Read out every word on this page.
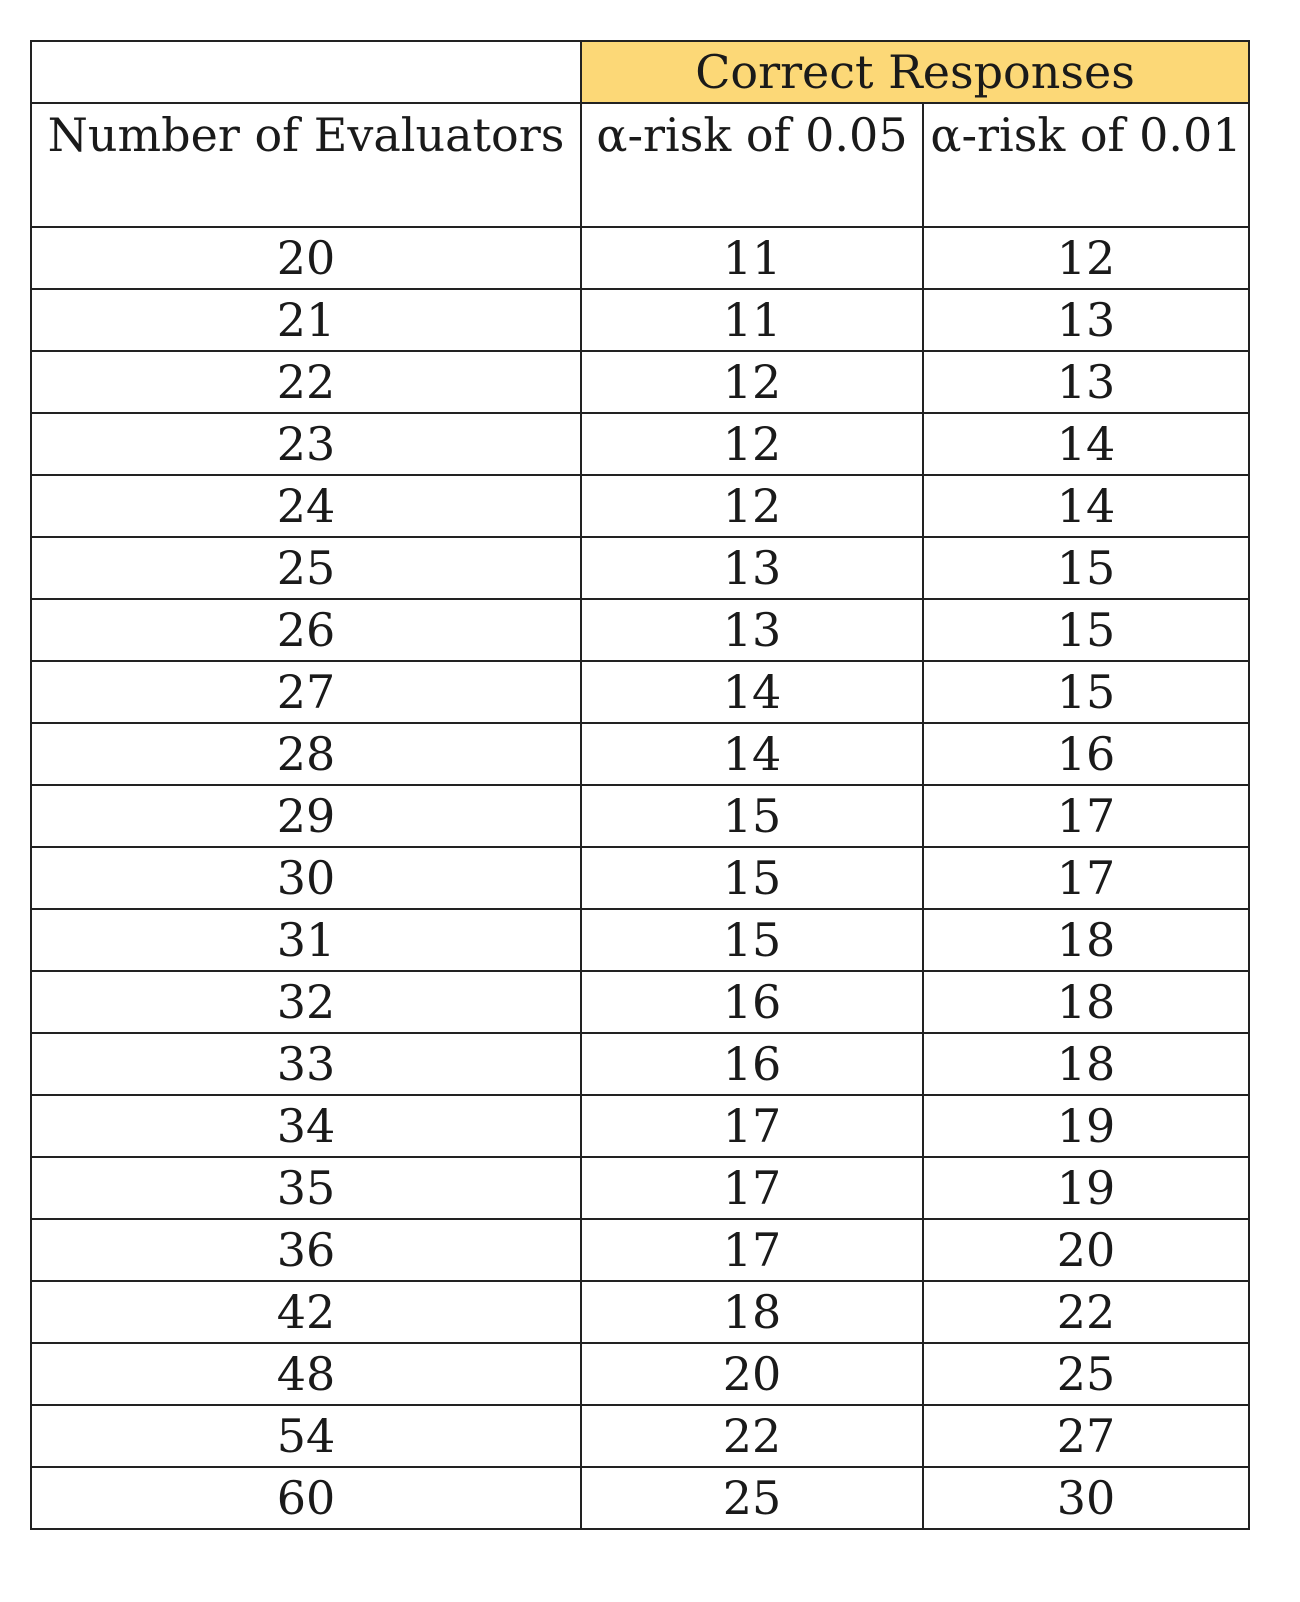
	Correct Responses	
Number of Evaluators	α-risk of 0.05	α-risk of 0.01
20	11	12
21	11	13
22	12	13
23	12	14
24	12	14
25	13	15
26	13	15
27	14	15
28	14	16
29	15	17
30	15	17
31	15	18
32	16	18
33	16	18
34	17	19
35	17	19
36	17	20
42	18	22
48	20	25
54	22	27
60	25	30
